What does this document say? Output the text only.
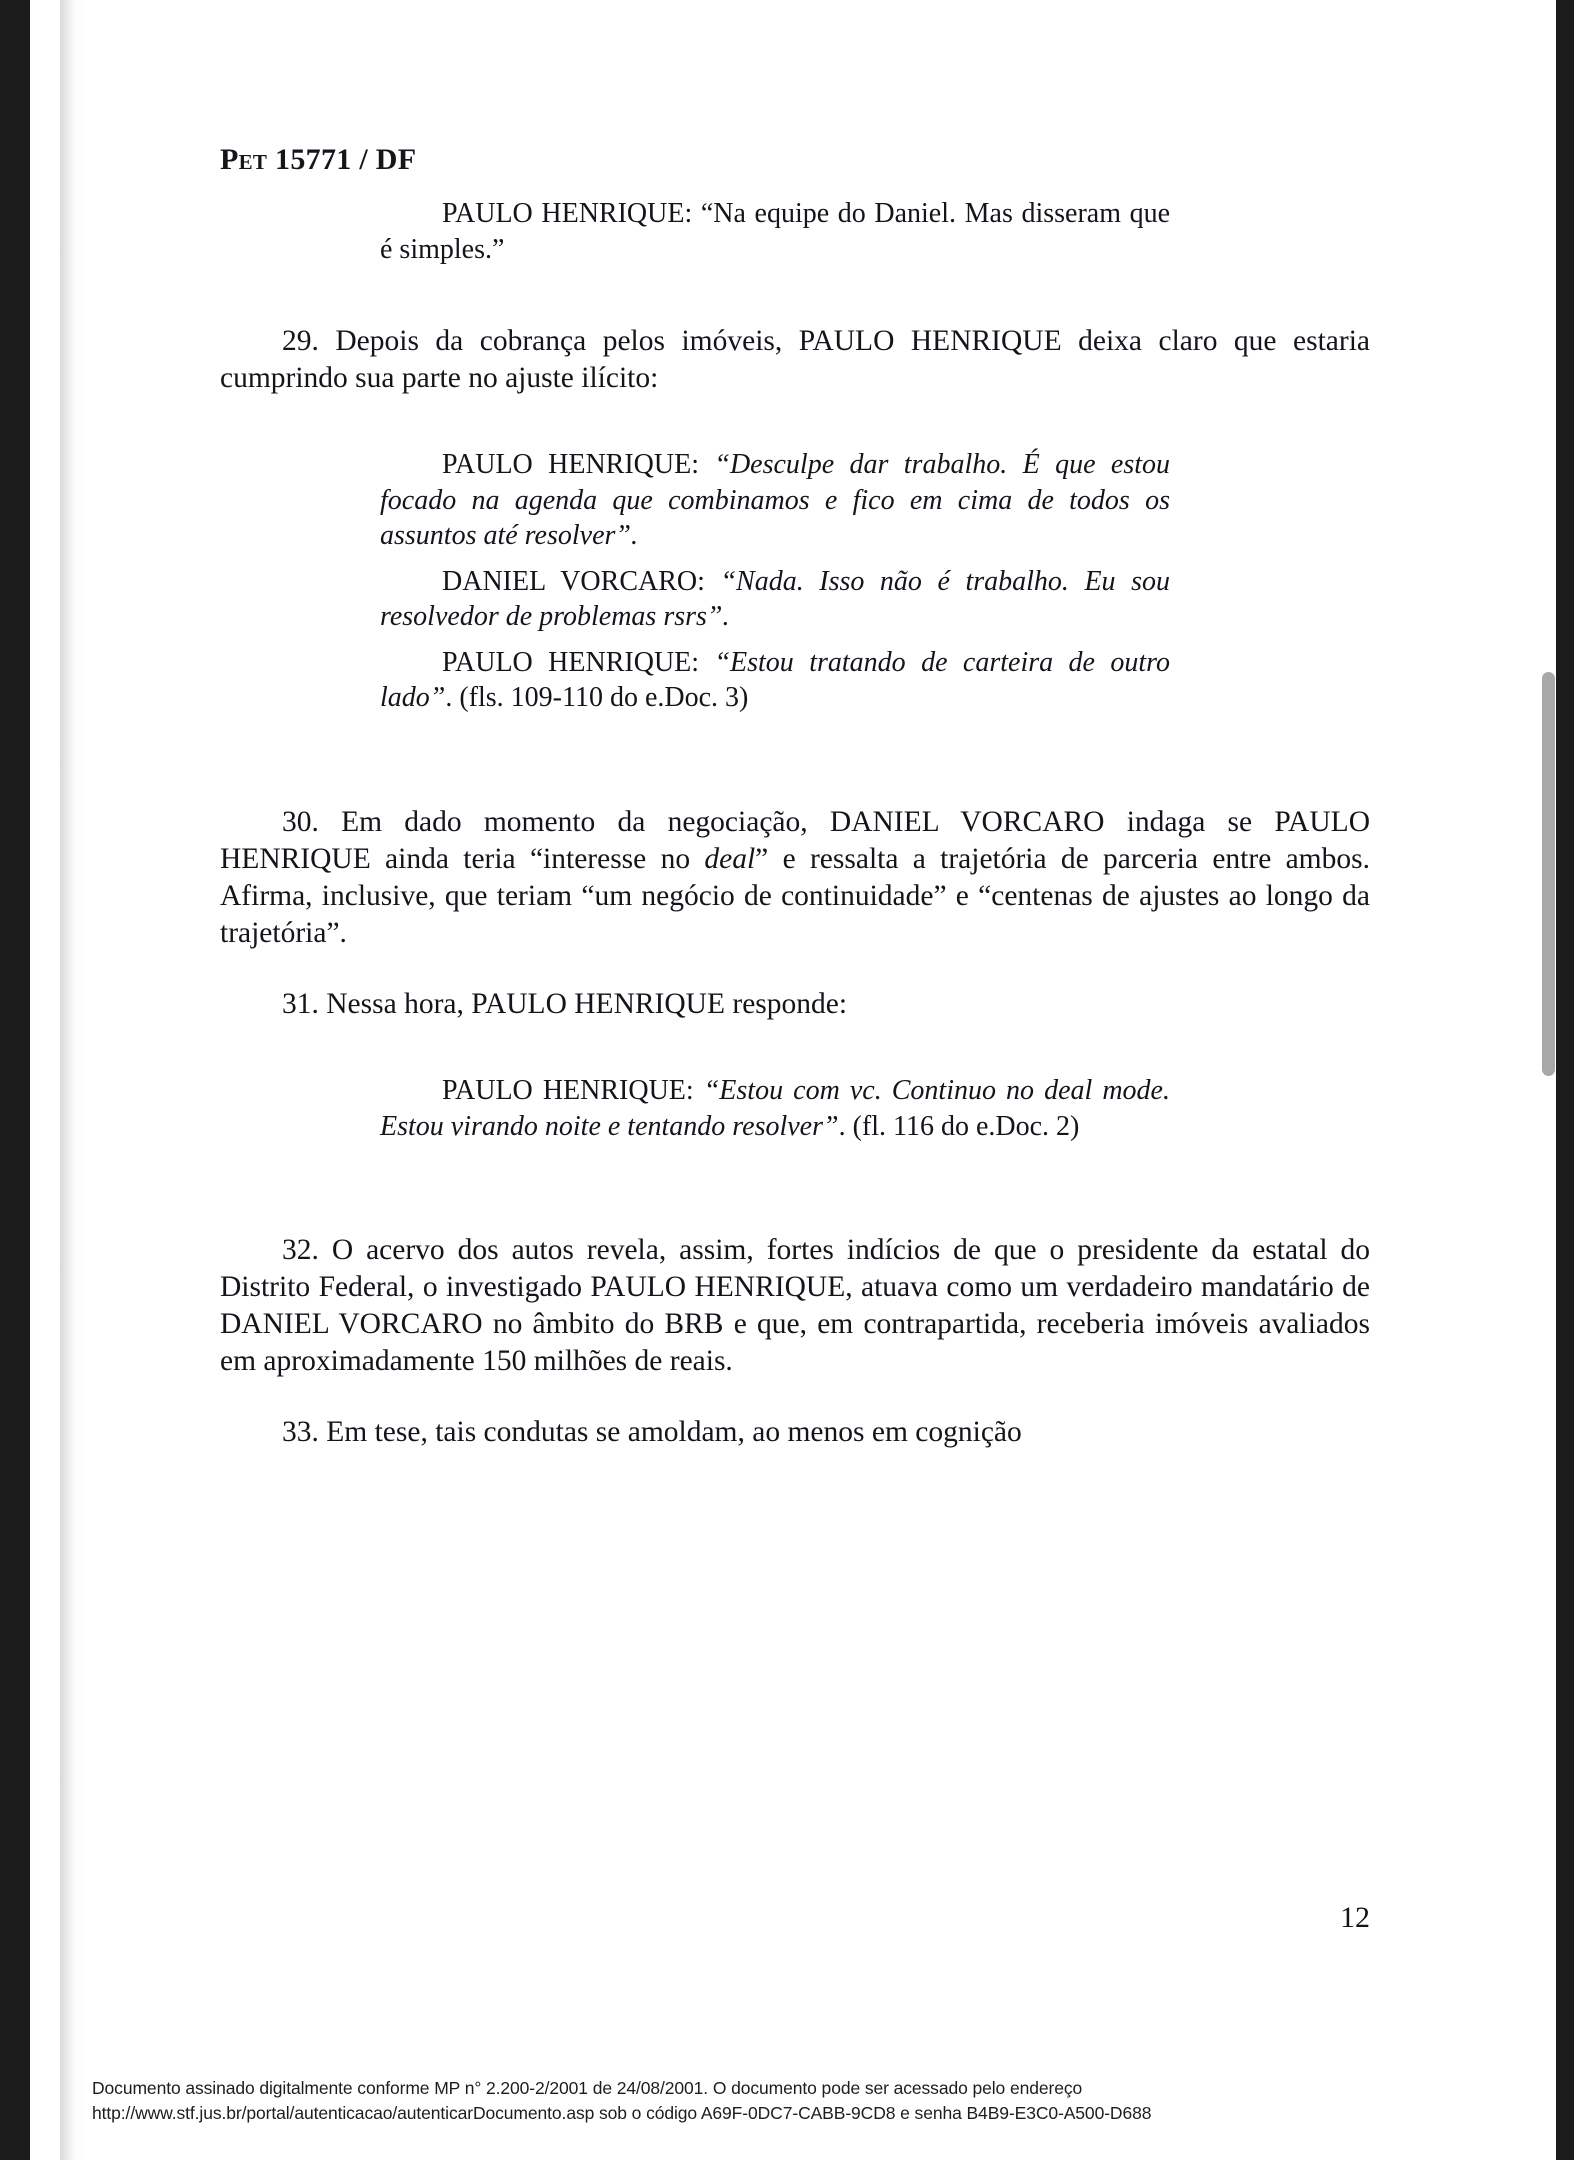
Pet 15771 / DF

PAULO HENRIQUE: “Na equipe do Daniel. Mas disseram que é simples.”

29. Depois da cobrança pelos imóveis, PAULO HENRIQUE deixa claro que estaria cumprindo sua parte no ajuste ilícito:

PAULO HENRIQUE: “Desculpe dar trabalho. É que estou focado na agenda que combinamos e fico em cima de todos os assuntos até resolver”.

DANIEL VORCARO: “Nada. Isso não é trabalho. Eu sou resolvedor de problemas rsrs”.

PAULO HENRIQUE: “Estou tratando de carteira de outro lado”. (fls. 109-110 do e.Doc. 3)

30. Em dado momento da negociação, DANIEL VORCARO indaga se PAULO HENRIQUE ainda teria “interesse no deal” e ressalta a trajetória de parceria entre ambos. Afirma, inclusive, que teriam “um negócio de continuidade” e “centenas de ajustes ao longo da trajetória”.

31. Nessa hora, PAULO HENRIQUE responde:

PAULO HENRIQUE: “Estou com vc. Continuo no deal mode. Estou virando noite e tentando resolver”. (fl. 116 do e.Doc. 2)

32. O acervo dos autos revela, assim, fortes indícios de que o presidente da estatal do Distrito Federal, o investigado PAULO HENRIQUE, atuava como um verdadeiro mandatário de DANIEL VORCARO no âmbito do BRB e que, em contrapartida, receberia imóveis avaliados em aproximadamente 150 milhões de reais.

33. Em tese, tais condutas se amoldam, ao menos em cognição

12
Documento assinado digitalmente conforme MP n° 2.200-2/2001 de 24/08/2001. O documento pode ser acessado pelo endereço
http://www.stf.jus.br/portal/autenticacao/autenticarDocumento.asp sob o código A69F-0DC7-CABB-9CD8 e senha B4B9-E3C0-A500-D688
